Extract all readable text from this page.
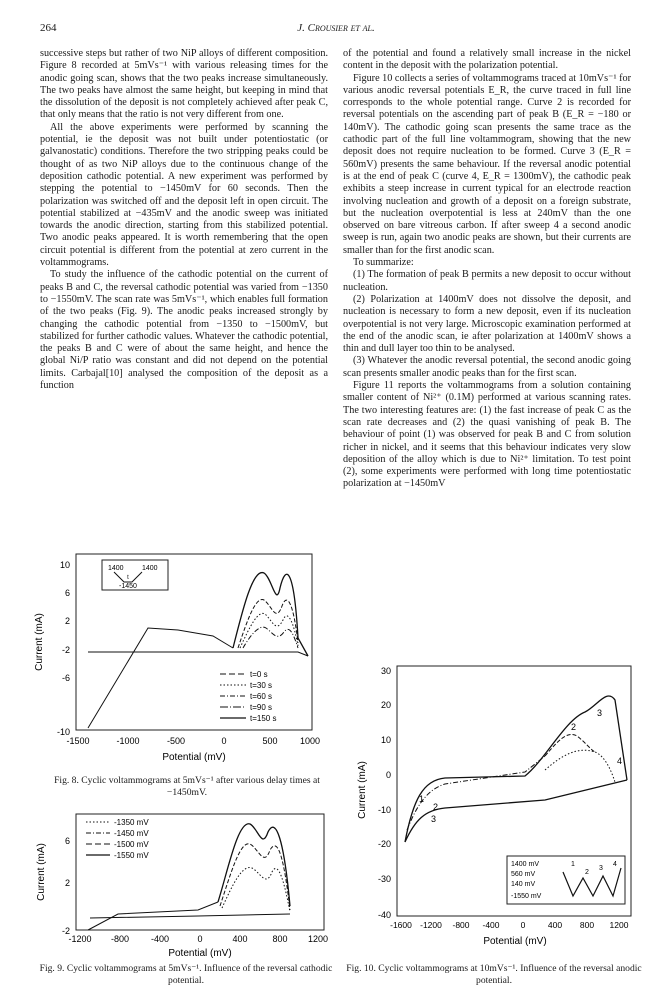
264	J. Crousier et al.

successive steps but rather of two NiP alloys of different composition. Figure 8 recorded at 5mVs⁻¹ with various releasing times for the anodic going scan, shows that the two peaks increase simultaneously. The two peaks have almost the same height, but keeping in mind that the dissolution of the deposit is not completely achieved after peak C, that only means that the ratio is not very different from one.

All the above experiments were performed by scanning the potential, ie the deposit was not built under potentiostatic (or galvanostatic) conditions. Therefore the two stripping peaks could be thought of as two NiP alloys due to the continuous change of the deposition cathodic potential. A new experiment was performed by stepping the potential to −1450mV for 60 seconds. Then the polarization was switched off and the deposit left in open circuit. The potential stabilized at −435mV and the anodic sweep was initiated towards the anodic direction, starting from this stabilized potential. Two anodic peaks appeared. It is worth remembering that the open circuit potential is different from the potential at zero current in the voltammograms.

To study the influence of the cathodic potential on the current of peaks B and C, the reversal cathodic potential was varied from −1350 to −1550mV. The scan rate was 5mVs⁻¹, which enables full formation of the two peaks (Fig. 9). The anodic peaks increased strongly by changing the cathodic potential from −1350 to −1500mV, but stabilized for further cathodic values. Whatever the cathodic potential, the peaks B and C were of about the same height, and hence the global Ni/P ratio was constant and did not depend on the potential limits. Carbajal[10] analysed the composition of the deposit as a function

of the potential and found a relatively small increase in the nickel content in the deposit with the polarization potential.

Figure 10 collects a series of voltammograms traced at 10mVs⁻¹ for various anodic reversal potentials E_R, the curve traced in full line corresponds to the whole potential range. Curve 2 is recorded for reversal potentials on the ascending part of peak B (E_R = −180 or 140mV). The cathodic going scan presents the same trace as the cathodic part of the full line voltammogram, showing that the new deposit does not require nucleation to be formed. Curve 3 (E_R = 560mV) presents the same behaviour. If the reversal anodic potential is at the end of peak C (curve 4, E_R = 1300mV), the cathodic peak exhibits a steep increase in current typical for an electrode reaction involving nucleation and growth of a deposit on a foreign substrate, but the nucleation overpotential is less at 240mV than the one observed on bare vitreous carbon. If after sweep 4 a second anodic sweep is run, again two anodic peaks are shown, but their currents are smaller than for the first anodic scan.

To summarize:

(1) The formation of peak B permits a new deposit to occur without nucleation.

(2) Polarization at 1400mV does not dissolve the deposit, and nucleation is necessary to form a new deposit, even if its nucleation overpotential is not very large. Microscopic examination performed at the end of the anodic scan, ie after polarization at 1400mV shows a thin and dull layer too thin to be analysed.

(3) Whatever the anodic reversal potential, the second anodic going scan presents smaller anodic peaks than for the first scan.

Figure 11 reports the voltammograms from a solution containing smaller content of Ni²⁺ (0.1M) performed at various scanning rates. The two interesting features are: (1) the fast increase of peak C as the scan rate decreases and (2) the quasi vanishing of peak B. The behaviour of point (1) was observed for peak B and C from solution richer in nickel, and it seems that this behaviour indicates very slow deposition of the alloy which is due to Ni²⁺ limitation. To test point (2), some experiments were performed with long time potentiostatic polarization at −1450mV

10
6
2
-2
-6
-10
-1500	-1000	-500	0	500 1000
Potential (mV)
Current (mA)
1400	1400
t
-1450
t=0 s
t=30 s
t=60 s
t=90 s
t=150 s
Fig. 8. Cyclic voltammograms at 5mVs⁻¹ after various delay times at −1450mV.
6
2
-2
-1200 -800 -400	0	400	800 1200
Potential (mV)
Current (mA)
-1350 mV
-1450 mV
-1500 mV
-1550 mV
Fig. 9. Cyclic voltammograms at 5mVs⁻¹. Influence of the reversal cathodic potential.
30
20
10
0
-10
-20
-30
-40
-1600 -1200 -800 -400 0	400 800 1200
Potential (mV)
Current (mA)
2
3
4
1
2
3
1400 mV
560 mV
140 mV
-1550 mV
1
2
3
4
Fig. 10. Cyclic voltammograms at 10mVs⁻¹. Influence of the reversal anodic potential.
